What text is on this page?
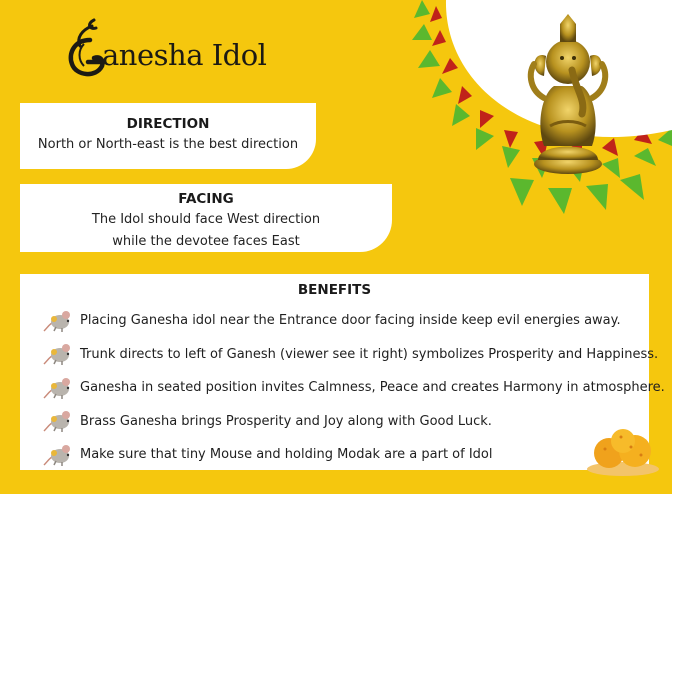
anesha Idol
DIRECTION

North or North-east is the best direction

FACING

The Idol should face West direction

while the devotee faces East

BENEFITS
Placing Ganesha idol near the Entrance door facing inside keep evil energies away.
Trunk directs to left of Ganesh (viewer see it right) symbolizes Prosperity and Happiness.
Ganesha in seated position invites Calmness, Peace and creates Harmony in atmosphere.
Brass Ganesha brings Prosperity and Joy along with Good Luck.
Make sure that tiny Mouse and holding Modak are a part of Idol
